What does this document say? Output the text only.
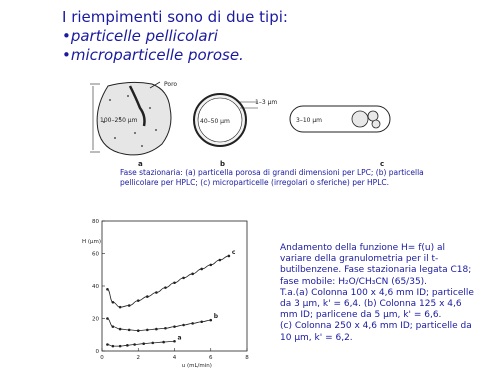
I riempimenti sono di due tipi:
•particelle pellicolari
•microparticelle porose.
100–250 µm
Poro
a
40–50 µm
1–3 µm
b
3–10 µm
c
Fase stazionaria: (a) particella porosa di grandi dimensioni per LPC; (b) particella pellicolare per HPLC; (c) microparticelle (irregolari o sferiche) per HPLC.
0
20
40
60
80
0	2	4	6	8
a
b
c
H (µm)
u (mL/min)
Andamento della funzione H= f(u) al variare della granulometria per il t-butilbenzene. Fase stazionaria legata C18; fase mobile: H₂O/CH₃CN (65/35).
T.a.(a) Colonna 100 x 4,6 mm ID; particelle da 3 µm, k' = 6,4. (b) Colonna 125 x 4,6 mm ID; parlicene da 5 µm, k' = 6,6.
(c) Colonna 250 x 4,6 mm ID; particelle da 10 µm, k' = 6,2.
